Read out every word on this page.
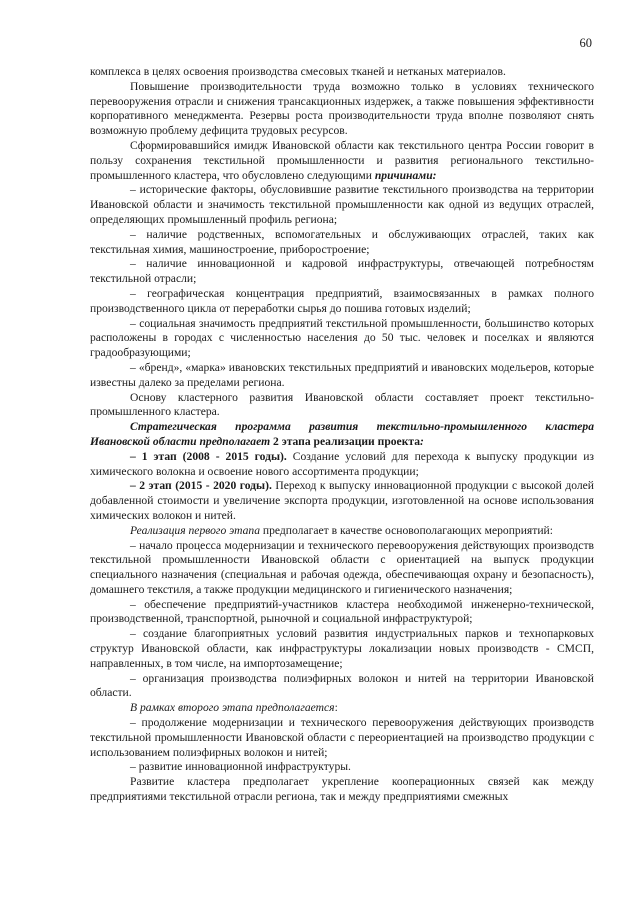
60

комплекса в целях освоения производства смесовых тканей и нетканых материалов.

Повышение производительности труда возможно только в условиях технического перевооружения отрасли и снижения трансакционных издержек, а также повышения эффективности корпоративного менеджмента. Резервы роста производительности труда вполне позволяют снять возможную проблему дефицита трудовых ресурсов.

Сформировавшийся имидж Ивановской области как текстильного центра России говорит в пользу сохранения текстильной промышленности и развития регионального текстильно-промышленного кластера, что обусловлено следующими причинами:

– исторические факторы, обусловившие развитие текстильного производства на территории Ивановской области и значимость текстильной промышленности как одной из ведущих отраслей, определяющих промышленный профиль региона;

– наличие родственных, вспомогательных и обслуживающих отраслей, таких как текстильная химия, машиностроение, приборостроение;

– наличие инновационной и кадровой инфраструктуры, отвечающей потребностям текстильной отрасли;

– географическая концентрация предприятий, взаимосвязанных в рамках полного производственного цикла от переработки сырья до пошива готовых изделий;

– социальная значимость предприятий текстильной промышленности, большинство которых расположены в городах с численностью населения до 50 тыс. человек и поселках и являются градообразующими;

– «бренд», «марка» ивановских текстильных предприятий и ивановских модельеров, которые известны далеко за пределами региона.

Основу кластерного развития Ивановской области составляет проект текстильно-промышленного кластера.

Стратегическая программа развития текстильно-промышленного кластера Ивановской области предполагает 2 этапа реализации проекта:

– 1 этап (2008 - 2015 годы). Создание условий для перехода к выпуску продукции из химического волокна и освоение нового ассортимента продукции;

– 2 этап (2015 - 2020 годы). Переход к выпуску инновационной продукции с высокой долей добавленной стоимости и увеличение экспорта продукции, изготовленной на основе использования химических волокон и нитей.

Реализация первого этапа предполагает в качестве основополагающих мероприятий:

– начало процесса модернизации и технического перевооружения действующих производств текстильной промышленности Ивановской области с ориентацией на выпуск продукции специального назначения (специальная и рабочая одежда, обеспечивающая охрану и безопасность), домашнего текстиля, а также продукции медицинского и гигиенического назначения;

– обеспечение предприятий-участников кластера необходимой инженерно-технической, производственной, транспортной, рыночной и социальной инфраструктурой;

– создание благоприятных условий развития индустриальных парков и технопарковых структур Ивановской области, как инфраструктуры локализации новых производств - СМСП, направленных, в том числе, на импортозамещение;

– организация производства полиэфирных волокон и нитей на территории Ивановской области.

В рамках второго этапа предполагается:

– продолжение модернизации и технического перевооружения действующих производств текстильной промышленности Ивановской области с переориентацией на производство продукции с использованием полиэфирных волокон и нитей;

– развитие инновационной инфраструктуры.

Развитие кластера предполагает укрепление кооперационных связей как между предприятиями текстильной отрасли региона, так и между предприятиями смежных
